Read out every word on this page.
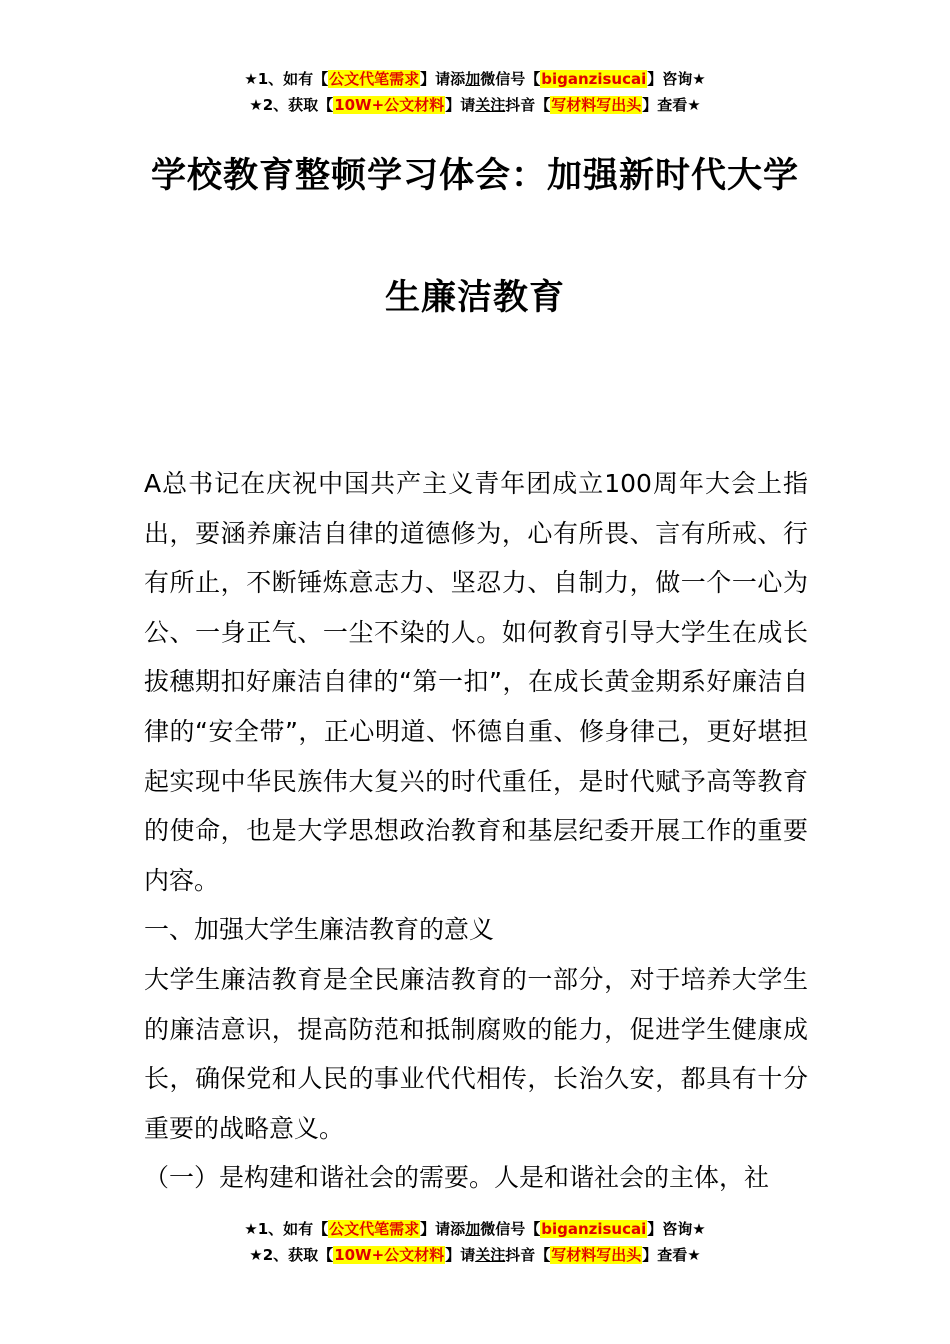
★1、如有【公文代笔需求】请添加微信号【biganzisucai】咨询★
★2、获取【10W+公文材料】请关注抖音【写材料写出头】查看★
学校教育整顿学习体会：加强新时代大学
生廉洁教育

A总书记在庆祝中国共产主义青年团成立100周年大会上指出，要涵养廉洁自律的道德修为，心有所畏、言有所戒、行有所止，不断锤炼意志力、坚忍力、自制力，做一个一心为公、一身正气、一尘不染的人。如何教育引导大学生在成长拔穗期扣好廉洁自律的“第一扣”，在成长黄金期系好廉洁自律的“安全带”，正心明道、怀德自重、修身律己，更好堪担起实现中华民族伟大复兴的时代重任，是时代赋予高等教育的使命，也是大学思想政治教育和基层纪委开展工作的重要内容。

一、加强大学生廉洁教育的意义

大学生廉洁教育是全民廉洁教育的一部分，对于培养大学生的廉洁意识，提高防范和抵制腐败的能力，促进学生健康成长，确保党和人民的事业代代相传，长治久安，都具有十分重要的战略意义。

（一）是构建和谐社会的需要。人是和谐社会的主体，社

★1、如有【公文代笔需求】请添加微信号【biganzisucai】咨询★
★2、获取【10W+公文材料】请关注抖音【写材料写出头】查看★
